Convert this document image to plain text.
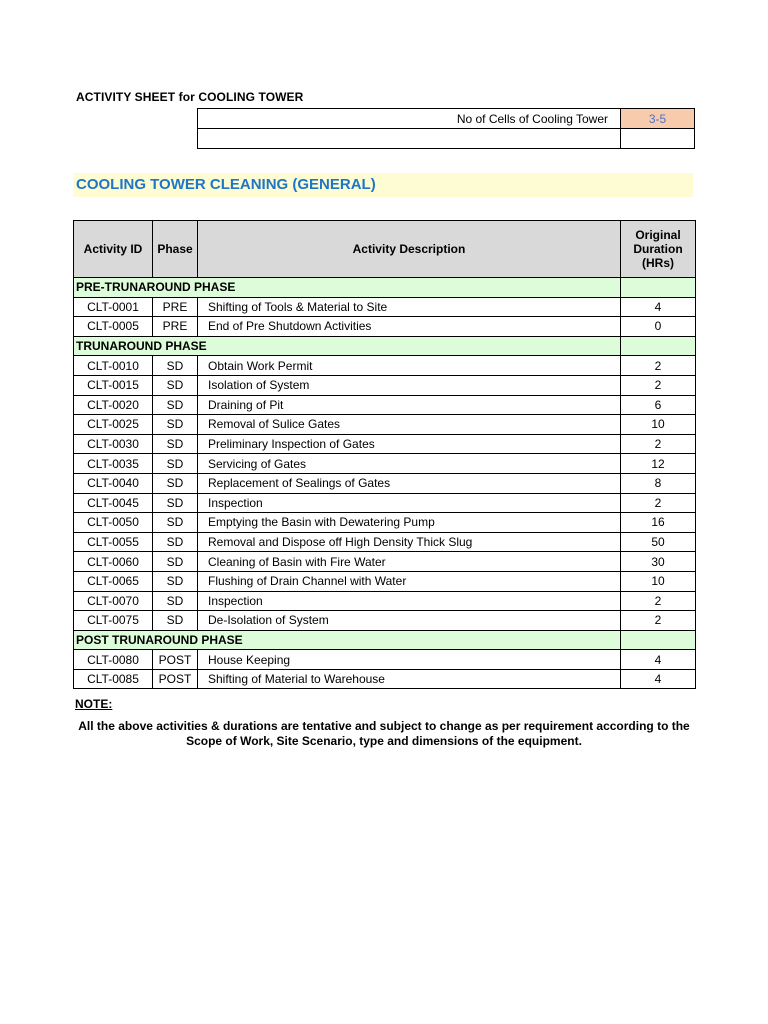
ACTIVITY SHEET for COOLING TOWER
No of Cells of Cooling Tower	3-5

COOLING TOWER CLEANING (GENERAL)
Activity ID	Phase	Activity Description	Original Duration (HRs)
PRE-TRUNAROUND PHASE			
CLT-0001	PRE	Shifting of Tools & Material to Site	4
CLT-0005	PRE	End of Pre Shutdown Activities	0
TRUNAROUND PHASE			
CLT-0010	SD	Obtain Work Permit	2
CLT-0015	SD	Isolation of System	2
CLT-0020	SD	Draining of Pit	6
CLT-0025	SD	Removal of Sulice Gates	10
CLT-0030	SD	Preliminary Inspection of Gates	2
CLT-0035	SD	Servicing of Gates	12
CLT-0040	SD	Replacement of Sealings of Gates	8
CLT-0045	SD	Inspection	2
CLT-0050	SD	Emptying the Basin with Dewatering Pump	16
CLT-0055	SD	Removal and Dispose off High Density Thick Slug	50
CLT-0060	SD	Cleaning of Basin with Fire Water	30
CLT-0065	SD	Flushing of Drain Channel with Water	10
CLT-0070	SD	Inspection	2
CLT-0075	SD	De-Isolation of System	2
POST TRUNAROUND PHASE			
CLT-0080	POST	House Keeping	4
CLT-0085	POST	Shifting of Material to Warehouse	4
NOTE:
All the above activities & durations are tentative and subject to change as per requirement according to the Scope of Work, Site Scenario, type and dimensions of the equipment.
